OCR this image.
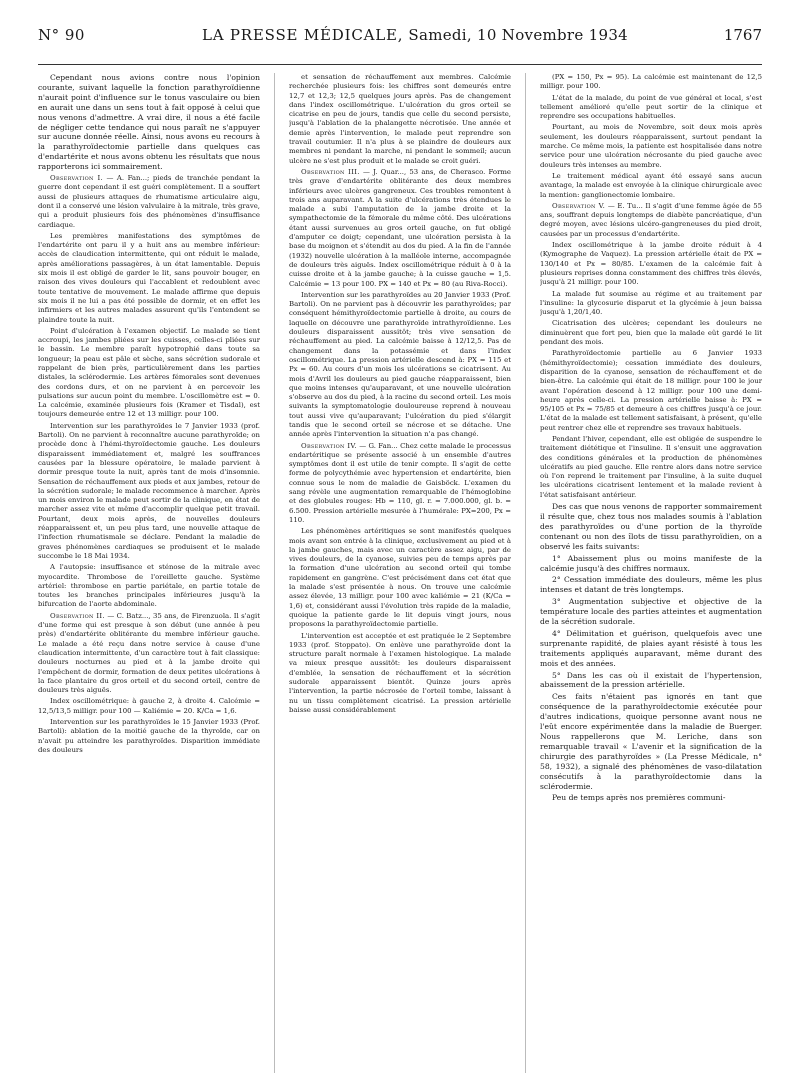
N° 90	LA PRESSE MÉDICALE, Samedi, 10 Novembre 1934	1767

Cependant nous avions contre nous l'opinion courante, suivant laquelle la fonction parathyroïdienne n'aurait point d'influence sur le tonus vasculaire ou bien en aurait une dans un sens tout à fait opposé à celui que nous venons d'admettre. A vrai dire, il nous a été facile de négliger cette tendance qui nous paraît ne s'appuyer sur aucune donnée réelle. Ainsi, nous avons eu recours à la parathyroïdectomie partielle dans quelques cas d'endartérite et nous avons obtenu les résultats que nous rapporterons ici sommairement.

Observation I. — A. Fan...; pieds de tranchée pendant la guerre dont cependant il est guéri complètement. Il a souffert aussi de plusieurs attaques de rhumatisme articulaire aigu, dont il a conservé une lésion valvulaire à la mitrale, très grave, qui a produit plusieurs fois des phénomènes d'insuffisance cardiaque.

Les premières manifestations des symptômes de l'endartérite ont paru il y a huit ans au membre inférieur: accès de claudication intermittente, qui ont réduit le malade, après améliorations passagères, à un état lamentable. Depuis six mois il est obligé de garder le lit, sans pouvoir bouger, en raison des vives douleurs qui l'accablent et redoublent avec toute tentative de mouvement. Le malade affirme que depuis six mois il ne lui a pas été possible de dormir, et en effet les infirmiers et les autres malades assurent qu'ils l'entendent se plaindre toute la nuit.

Point d'ulcération à l'examen objectif. Le malade se tient accroupi, les jambes pliées sur les cuisses, celles-ci pliées sur le bassin. Le membre paraît hypotrophié dans toute sa longueur; la peau est pâle et sèche, sans sécrétion sudorale et rappelant de bien près, particulièrement dans les parties distales, la sclérodermie. Les artères fémorales sont devenues des cordons durs, et on ne parvient à en percevoir les pulsations sur aucun point du membre. L'oscillomètre est = 0. La calcémie, examinée plusieurs fois (Kramer et Tisdal), est toujours demeurée entre 12 et 13 milligr. pour 100.

Intervention sur les parathyroïdes le 7 Janvier 1933 (prof. Bartoli). On ne parvient à reconnaître aucune parathyroïde; on procède donc à l'hémi-thyroïdectomie gauche. Les douleurs disparaissent immédiatement et, malgré les souffrances causées par la blessure opératoire, le malade parvient à dormir presque toute la nuit, après tant de mois d'insomnie. Sensation de réchauffement aux pieds et aux jambes, retour de la sécrétion sudorale; le malade recommence à marcher. Après un mois environ le malade peut sortir de la clinique, en état de marcher assez vite et même d'accomplir quelque petit travail. Pourtant, deux mois après, de nouvelles douleurs réapparaissent et, un peu plus tard, une nouvelle attaque de l'infection rhumatismale se déclare. Pendant la maladie de graves phénomènes cardiaques se produisent et le malade succombe le 18 Mai 1934.

A l'autopsie: insuffisance et sténose de la mitrale avec myocardite. Thrombose de l'oreillette gauche. Système artériel: thrombose en partie pariétale, en partie totale de toutes les branches principales inférieures jusqu'à la bifurcation de l'aorte abdominale.

Observation II. — C. Batz..., 35 ans, de Firenzuola. Il s'agit d'une forme qui est presque à son début (une année à peu près) d'endartérite oblitérante du membre inférieur gauche. Le malade a été reçu dans notre service à cause d'une claudication intermittente, d'un caractère tout à fait classique: douleurs nocturnes au pied et à la jambe droite qui l'empêchent de dormir, formation de deux petites ulcérations à la face plantaire du gros orteil et du second orteil, centre de douleurs très aiguës.

Index oscillométrique: à gauche 2, à droite 4. Calcémie = 12,5/13,5 milligr. pour 100 — Kaliémie = 20. K/Ca = 1,6.

Intervention sur les parathyroïdes le 15 Janvier 1933 (Prof. Bartoli): ablation de la moitié gauche de la thyroïde, car on n'avait pu atteindre les parathyroïdes. Disparition immédiate des douleurs

et sensation de réchauffement aux membres. Calcémie recherchée plusieurs fois: les chiffres sont demeurés entre 12,7 et 12,3; 12,5 quelques jours après. Pas de changement dans l'index oscillométrique. L'ulcération du gros orteil se cicatrise en peu de jours, tandis que celle du second persiste, jusqu'à l'ablation de la phalangette nécrotisée. Une année et demie après l'intervention, le malade peut reprendre son travail coutumier. Il n'a plus à se plaindre de douleurs aux membres ni pendant la marche, ni pendant le sommeil; aucun ulcère ne s'est plus produit et le malade se croit guéri.

Observation III. — J. Quar..., 53 ans, de Cherasco. Forme très grave d'endartérite oblitérante des deux membres inférieurs avec ulcères gangreneux. Ces troubles remontent à trois ans auparavant. A la suite d'ulcérations très étendues le malade a subi l'amputation de la jambe droite et la sympathectomie de la fémorale du même côté. Des ulcérations étant aussi survenues au gros orteil gauche, on fut obligé d'amputer ce doigt; cependant, une ulcération persista à la base du moignon et s'étendit au dos du pied. A la fin de l'année (1932) nouvelle ulcération à la malléole interne, accompagnée de douleurs très aiguës. Index oscillométrique réduit à 0 à la cuisse droite et à la jambe gauche; à la cuisse gauche = 1,5. Calcémie = 13 pour 100. PX = 140 et Px = 80 (au Riva-Rocci).

Intervention sur les parathyroïdes au 20 Janvier 1933 (Prof. Bartoli). On ne parvient pas à découvrir les parathyroïdes; par conséquent hémithyroïdectomie partielle à droite, au cours de laquelle on découvre une parathyroïde intrathyroïdienne. Les douleurs disparaissent aussitôt; très vive sensation de réchauffement au pied. La calcémie baisse à 12/12,5. Pas de changement dans la potassémie et dans l'index oscillométrique. La pression artérielle descend à: PX = 115 et Px = 60. Au cours d'un mois les ulcérations se cicatrisent. Au mois d'Avril les douleurs au pied gauche réapparaissent, bien que moins intenses qu'auparavant, et une nouvelle ulcération s'observe au dos du pied, à la racine du second orteil. Les mois suivants la symptomatologie douloureuse reprend à nouveau tout aussi vive qu'auparavant; l'ulcération du pied s'élargit tandis que le second orteil se nécrose et se détache. Une année après l'intervention la situation n'a pas changé.

Observation IV. — G. Fan... Chez cette malade le processus endartéritique se présente associé à un ensemble d'autres symptômes dont il est utile de tenir compte. Il s'agit de cette forme de polycythémie avec hypertension et endartérite, bien connue sous le nom de maladie de Gaisböck. L'examen du sang révèle une augmentation remarquable de l'hémoglobine et des globules rouges: Hb = 110, gl. r. = 7.000.000, gl. b. = 6.500. Pression artérielle mesurée à l'humérale: PX=200, Px = 110.

Les phénomènes artéritiques se sont manifestés quelques mois avant son entrée à la clinique, exclusivement au pied et à la jambe gauches, mais avec un caractère assez aigu, par de vives douleurs, de la cyanose, suivies peu de temps après par la formation d'une ulcération au second orteil qui tombe rapidement en gangrène. C'est précisément dans cet état que la malade s'est présentée à nous. On trouve une calcémie assez élevée, 13 milligr. pour 100 avec kaliémie = 21 (K/Ca = 1,6) et, considérant aussi l'évolution très rapide de la maladie, quoique la patiente garde le lit depuis vingt jours, nous proposons la parathyroïdectomie partielle.

L'intervention est acceptée et est pratiquée le 2 Septembre 1933 (prof. Stoppato). On enlève une parathyroïde dont la structure paraît normale à l'examen histologique. La malade va mieux presque aussitôt: les douleurs disparaissent d'emblée, la sensation de réchauffement et la sécrétion sudorale apparaissent bientôt. Quinze jours après l'intervention, la partie nécrosée de l'orteil tombe, laissant à nu un tissu complètement cicatrisé. La pression artérielle baisse aussi considérablement

(PX = 150, Px = 95). La calcémie est maintenant de 12,5 milligr. pour 100.

L'état de la malade, du point de vue général et local, s'est tellement amélioré qu'elle peut sortir de la clinique et reprendre ses occupations habituelles.

Pourtant, au mois de Novembre, soit deux mois après seulement, les douleurs réapparaissent, surtout pendant la marche. Ce même mois, la patiente est hospitalisée dans notre service pour une ulcération nécrosante du pied gauche avec douleurs très intenses au membre.

Le traitement médical ayant été essayé sans aucun avantage, la malade est envoyée à la clinique chirurgicale avec la mention: ganglionectomie lombaire.

Observation V. — E. Tu... Il s'agit d'une femme âgée de 55 ans, souffrant depuis longtemps de diabète pancréatique, d'un degré moyen, avec lésions ulcéro-gangreneuses du pied droit, causées par un processus d'endartérite.

Index oscillométrique à la jambe droite réduit à 4 (Kymographe de Vaquez). La pression artérielle était de PX = 130/140 et Px = 80/85. L'examen de la calcémie fait à plusieurs reprises donna constamment des chiffres très élevés, jusqu'à 21 milligr. pour 100.

La malade fut soumise au régime et au traitement par l'insuline: la glycosurie disparut et la glycémie à jeun baissa jusqu'à 1,20/1,40.

Cicatrisation des ulcères; cependant les douleurs ne diminuèrent que fort peu, bien que la malade eût gardé le lit pendant des mois.

Parathyroïdectomie partielle au 6 Janvier 1933 (hémithyroïdectomie); cessation immédiate des douleurs, disparition de la cyanose, sensation de réchauffement et de bien-être. La calcémie qui était de 18 milligr. pour 100 le jour avant l'opération descend à 12 milligr. pour 100 une demi-heure après celle-ci. La pression artérielle baisse à: PX = 95/105 et Px = 75/85 et demeure à ces chiffres jusqu'à ce jour. L'état de la malade est tellement satisfaisant, à présent, qu'elle peut rentrer chez elle et reprendre ses travaux habituels.

Pendant l'hiver, cependant, elle est obligée de suspendre le traitement diététique et l'insuline. Il s'ensuit une aggravation des conditions générales et la production de phénomènes ulcératifs au pied gauche. Elle rentre alors dans notre service où l'on reprend le traitement par l'insuline, à la suite duquel les ulcérations cicatrisent lentement et la malade revient à l'état satisfaisant antérieur.

Des cas que nous venons de rapporter sommairement il résulte que, chez tous nos malades soumis à l'ablation des parathyroïdes ou d'une portion de la thyroïde contenant ou non des îlots de tissu parathyroïdien, on a observé les faits suivants:

1° Abaissement plus ou moins manifeste de la calcémie jusqu'à des chiffres normaux.

2° Cessation immédiate des douleurs, même les plus intenses et datant de très longtemps.

3° Augmentation subjective et objective de la température locale des parties atteintes et augmentation de la sécrétion sudorale.

4° Délimitation et guérison, quelquefois avec une surprenante rapidité, de plaies ayant résisté à tous les traitements appliqués auparavant, même durant des mois et des années.

5° Dans les cas où il existait de l'hypertension, abaissement de la pression artérielle.

Ces faits n'étaient pas ignorés en tant que conséquence de la parathyroïdectomie exécutée pour d'autres indications, quoique personne avant nous ne l'eût encore expérimentée dans la maladie de Buerger. Nous rappellerons que M. Leriche, dans son remarquable travail « L'avenir et la signification de la chirurgie des parathyroïdes » (La Presse Médicale, n° 58, 1932), a signalé des phénomènes de vaso-dilatation consécutifs à la parathyroïdectomie dans la sclérodermie.

Peu de temps après nos premières communi-
